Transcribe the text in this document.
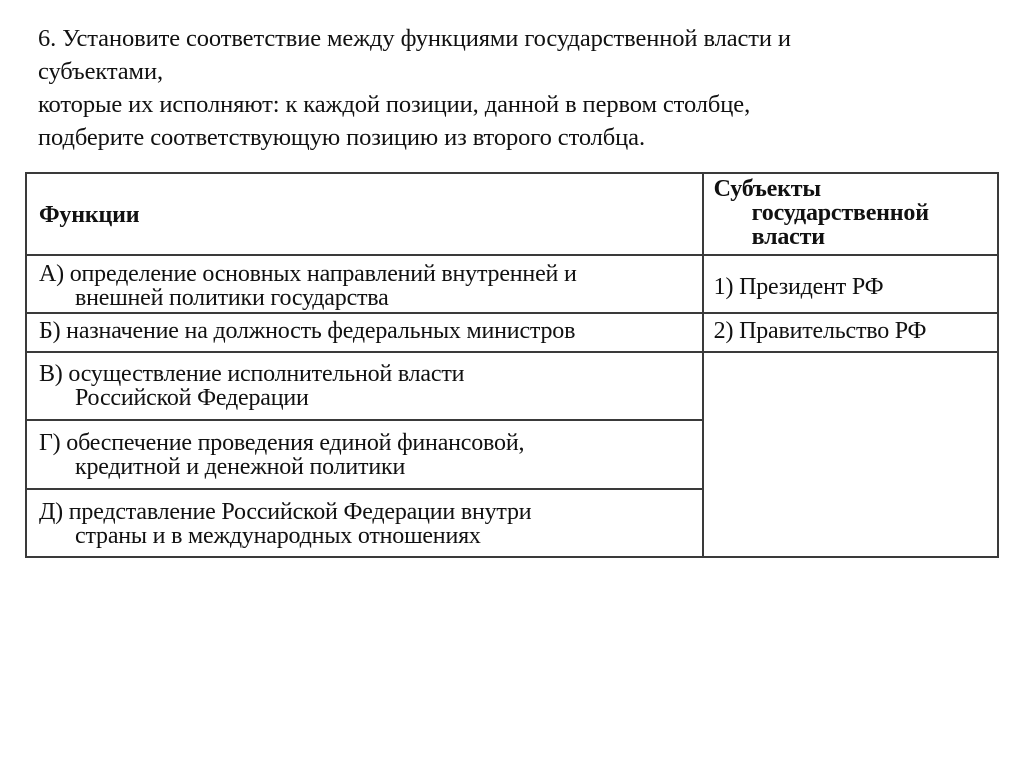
6. Установите соответствие между функциями государственной власти и
субъектами,
которые их исполняют: к каждой позиции, данной в первом столбце,
подберите соответствующую позицию из второго столбца.
Функции	Субъекты
государственной
власти

А) определение основных направлений внутренней и
внешней политики государства	1) Президент РФ

Б) назначение на должность федеральных министров	2) Правительство РФ

В) осуществление исполнительной власти
Российской Федерации	

Г) обеспечение проведения единой финансовой,
кредитной и денежной политики	

Д) представление Российской Федерации внутри
страны и в международных отношениях	
